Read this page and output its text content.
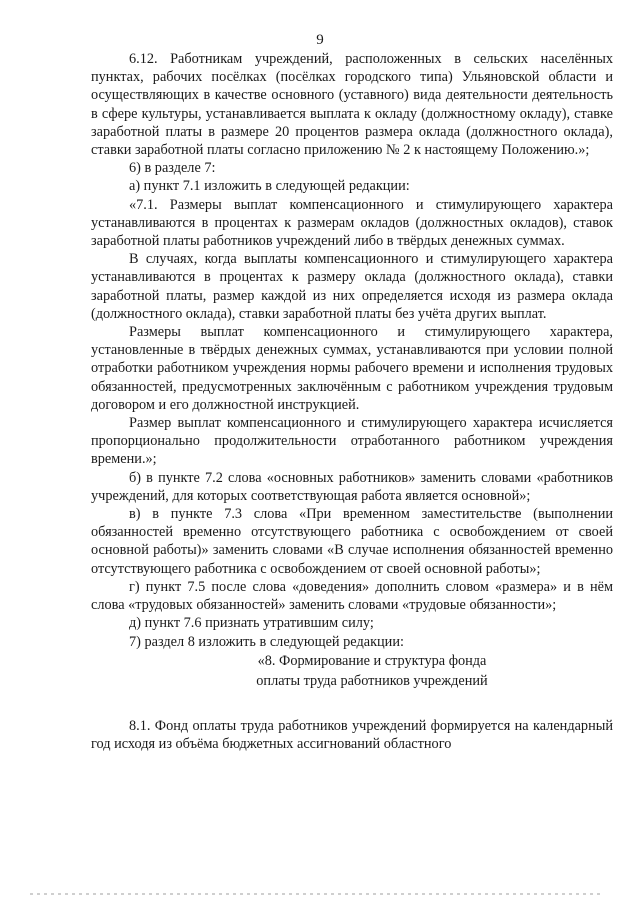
9

6.12. Работникам учреждений, расположенных в сельских населённых пунктах, рабочих посёлках (посёлках городского типа) Ульяновской области и осуществляющих в качестве основного (уставного) вида деятельности деятельность в сфере культуры, устанавливается выплата к окладу (должностному окладу), ставке заработной платы в размере 20 процентов размера оклада (должностного оклада), ставки заработной платы согласно приложению № 2 к настоящему Положению.»;

6) в разделе 7:

а) пункт 7.1 изложить в следующей редакции:

«7.1. Размеры выплат компенсационного и стимулирующего характера устанавливаются в процентах к размерам окладов (должностных окладов), ставок заработной платы работников учреждений либо в твёрдых денежных суммах.

В случаях, когда выплаты компенсационного и стимулирующего характера устанавливаются в процентах к размеру оклада (должностного оклада), ставки заработной платы, размер каждой из них определяется исходя из размера оклада (должностного оклада), ставки заработной платы без учёта других выплат.

Размеры выплат компенсационного и стимулирующего характера, установленные в твёрдых денежных суммах, устанавливаются при условии полной отработки работником учреждения нормы рабочего времени и исполнения трудовых обязанностей, предусмотренных заключённым с работником учреждения трудовым договором и его должностной инструкцией.

Размер выплат компенсационного и стимулирующего характера исчисляется пропорционально продолжительности отработанного работником учреждения времени.»;

б) в пункте 7.2 слова «основных работников» заменить словами «работников учреждений, для которых соответствующая работа является основной»;

в) в пункте 7.3 слова «При временном заместительстве (выполнении обязанностей временно отсутствующего работника с освобождением от своей основной работы)» заменить словами «В случае исполнения обязанностей временно отсутствующего работника с освобождением от своей основной работы»;

г) пункт 7.5 после слова «доведения» дополнить словом «размера» и в нём слова «трудовых обязанностей» заменить словами «трудовые обязанности»;

д) пункт 7.6 признать утратившим силу;

7) раздел 8 изложить в следующей редакции:

«8. Формирование и структура фонда

оплаты труда работников учреждений

8.1. Фонд оплаты труда работников учреждений формируется на календарный год исходя из объёма бюджетных ассигнований областного
